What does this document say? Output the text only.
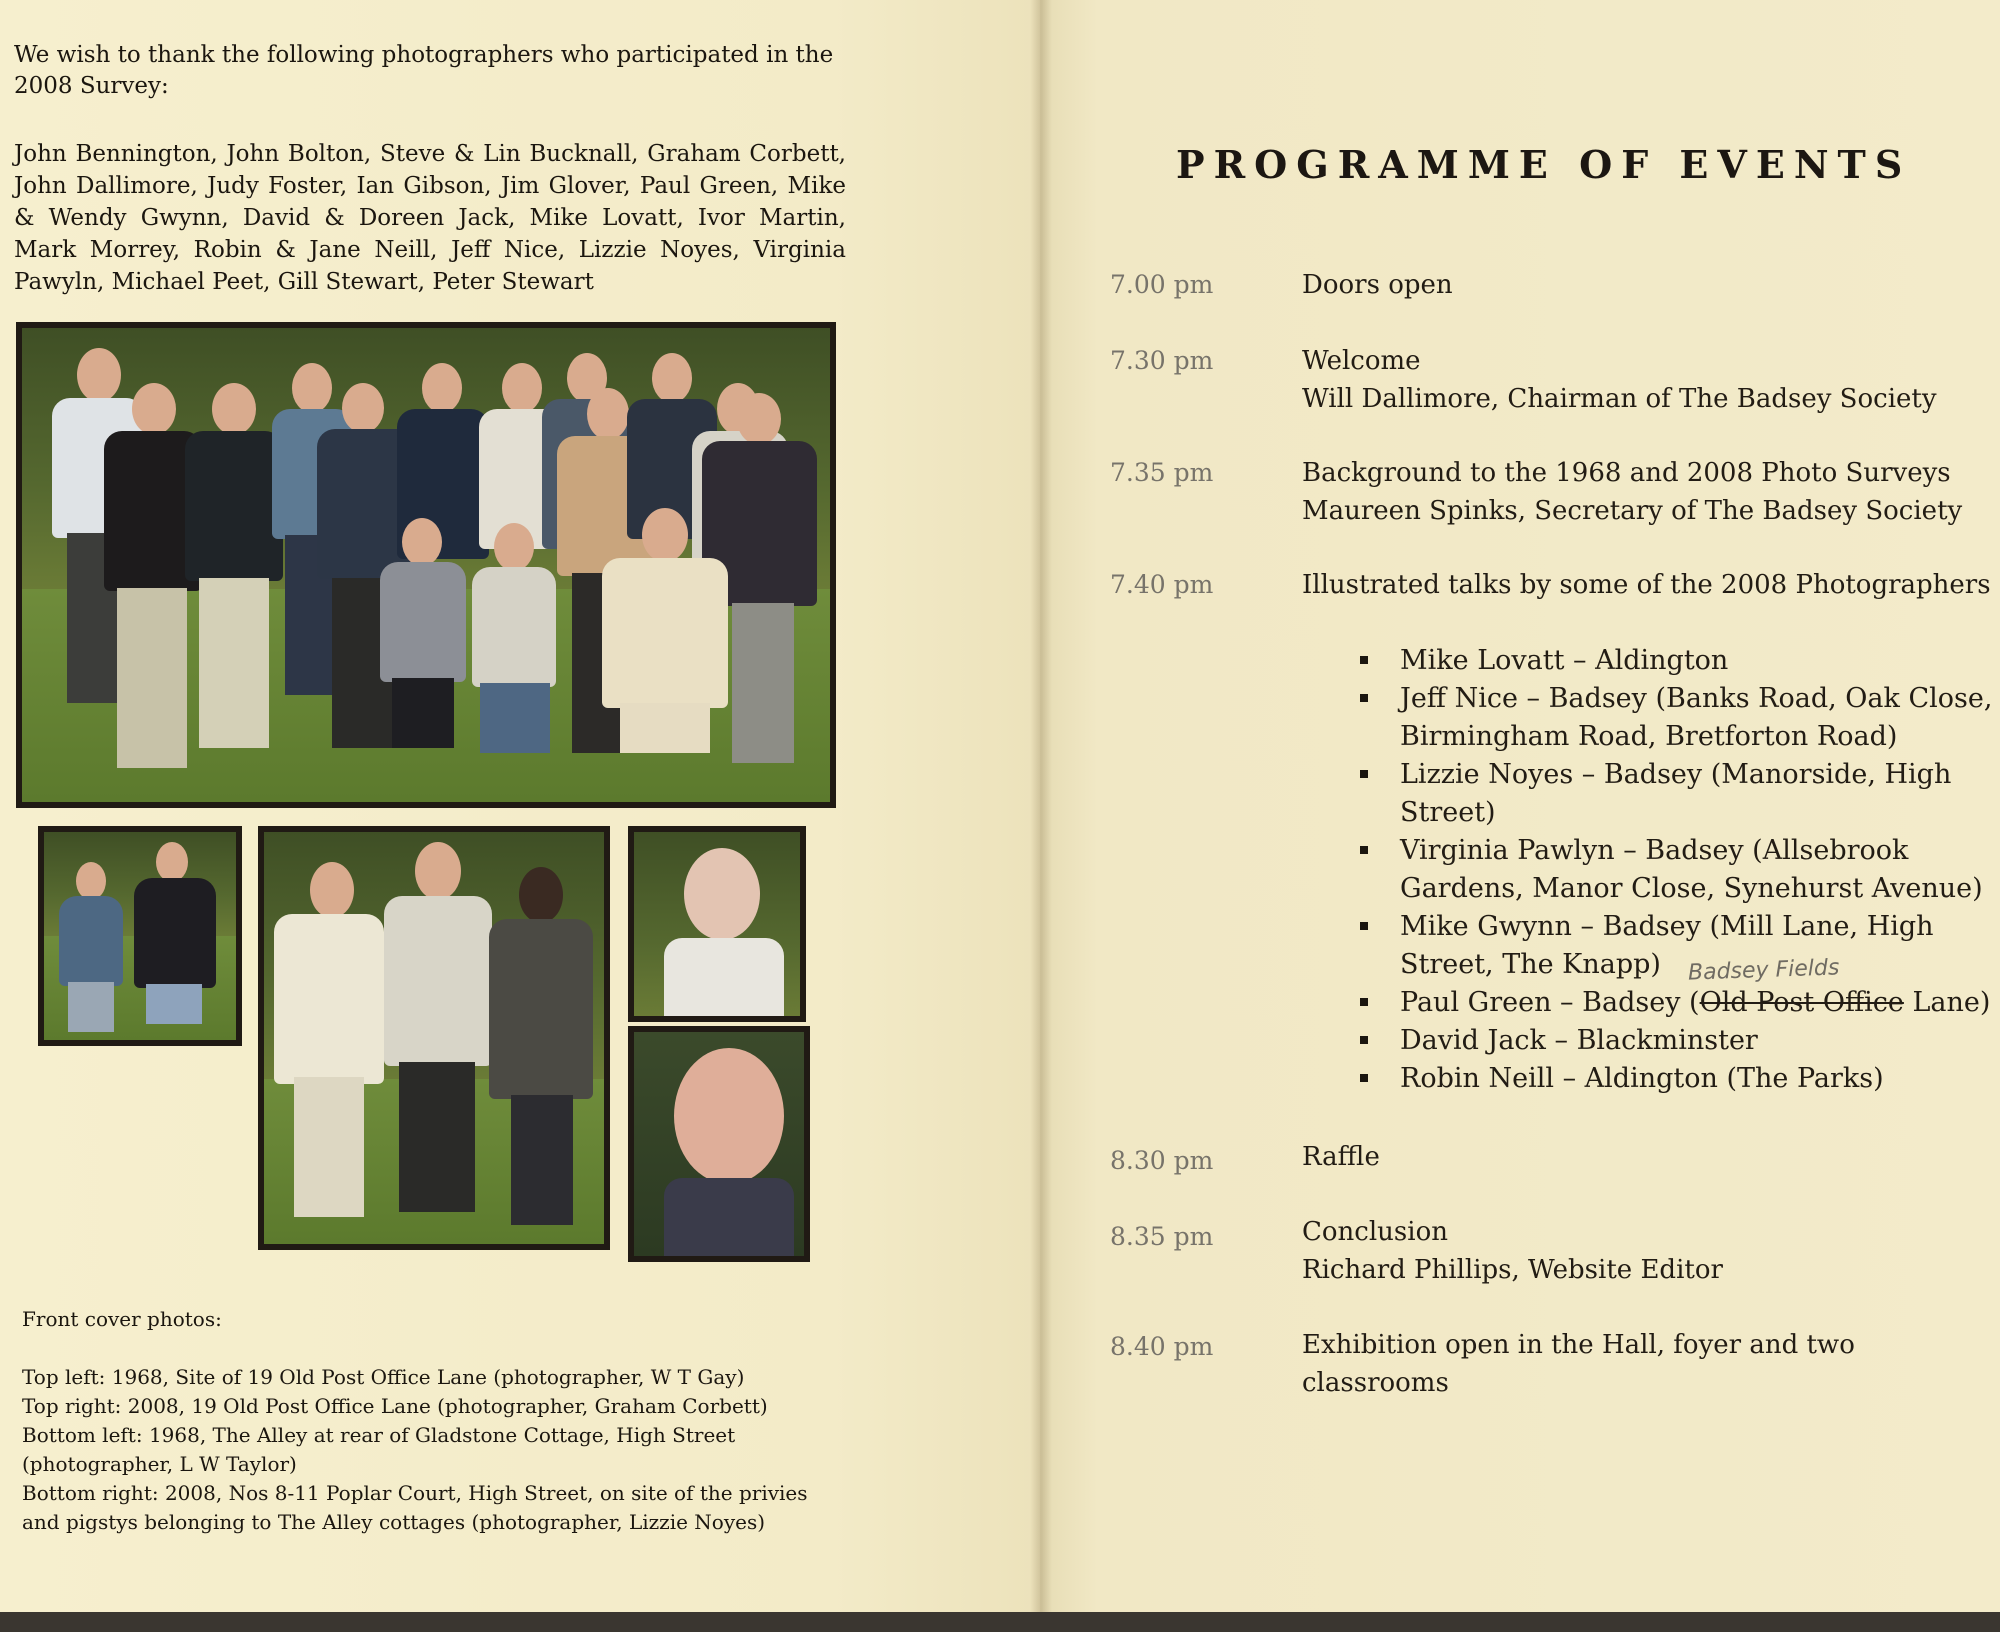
We wish to thank the following photographers who participated in the 2008 Survey:
John Bennington, John Bolton, Steve & Lin Bucknall, Graham Corbett, John Dallimore, Judy Foster, Ian Gibson, Jim Glover, Paul Green, Mike & Wendy Gwynn, David & Doreen Jack, Mike Lovatt, Ivor Martin, Mark Morrey, Robin & Jane Neill, Jeff Nice, Lizzie Noyes, Virginia Pawyln, Michael Peet, Gill Stewart, Peter Stewart
Front cover photos:
Top left: 1968, Site of 19 Old Post Office Lane (photographer, W T Gay)
Top right: 2008, 19 Old Post Office Lane (photographer, Graham Corbett)
Bottom left: 1968, The Alley at rear of Gladstone Cottage, High Street (photographer, L W Taylor)
Bottom right: 2008, Nos 8-11 Poplar Court, High Street, on site of the privies and pigstys belonging to The Alley cottages (photographer, Lizzie Noyes)
PROGRAMME OF EVENTS
7.00 pm	Doors open
7.30 pm	Welcome
Will Dallimore, Chairman of The Badsey Society
7.35 pm	Background to the 1968 and 2008 Photo Surveys
Maureen Spinks, Secretary of The Badsey Society
7.40 pm	Illustrated talks by some of the 2008 Photographers
Mike Lovatt – Aldington
Jeff Nice – Badsey (Banks Road, Oak Close, Birmingham Road, Bretforton Road)
Lizzie Noyes – Badsey (Manorside, High Street)
Virginia Pawlyn – Badsey (Allsebrook Gardens, Manor Close, Synehurst Avenue)
Mike Gwynn – Badsey (Mill Lane, High Street, The Knapp)
Paul Green – Badsey (Old Post Office Lane)
David Jack – Blackminster
Robin Neill – Aldington (The Parks)
Badsey Fields
8.30 pm	Raffle
8.35 pm	Conclusion
Richard Phillips, Website Editor
8.40 pm	Exhibition open in the Hall, foyer and two classrooms
